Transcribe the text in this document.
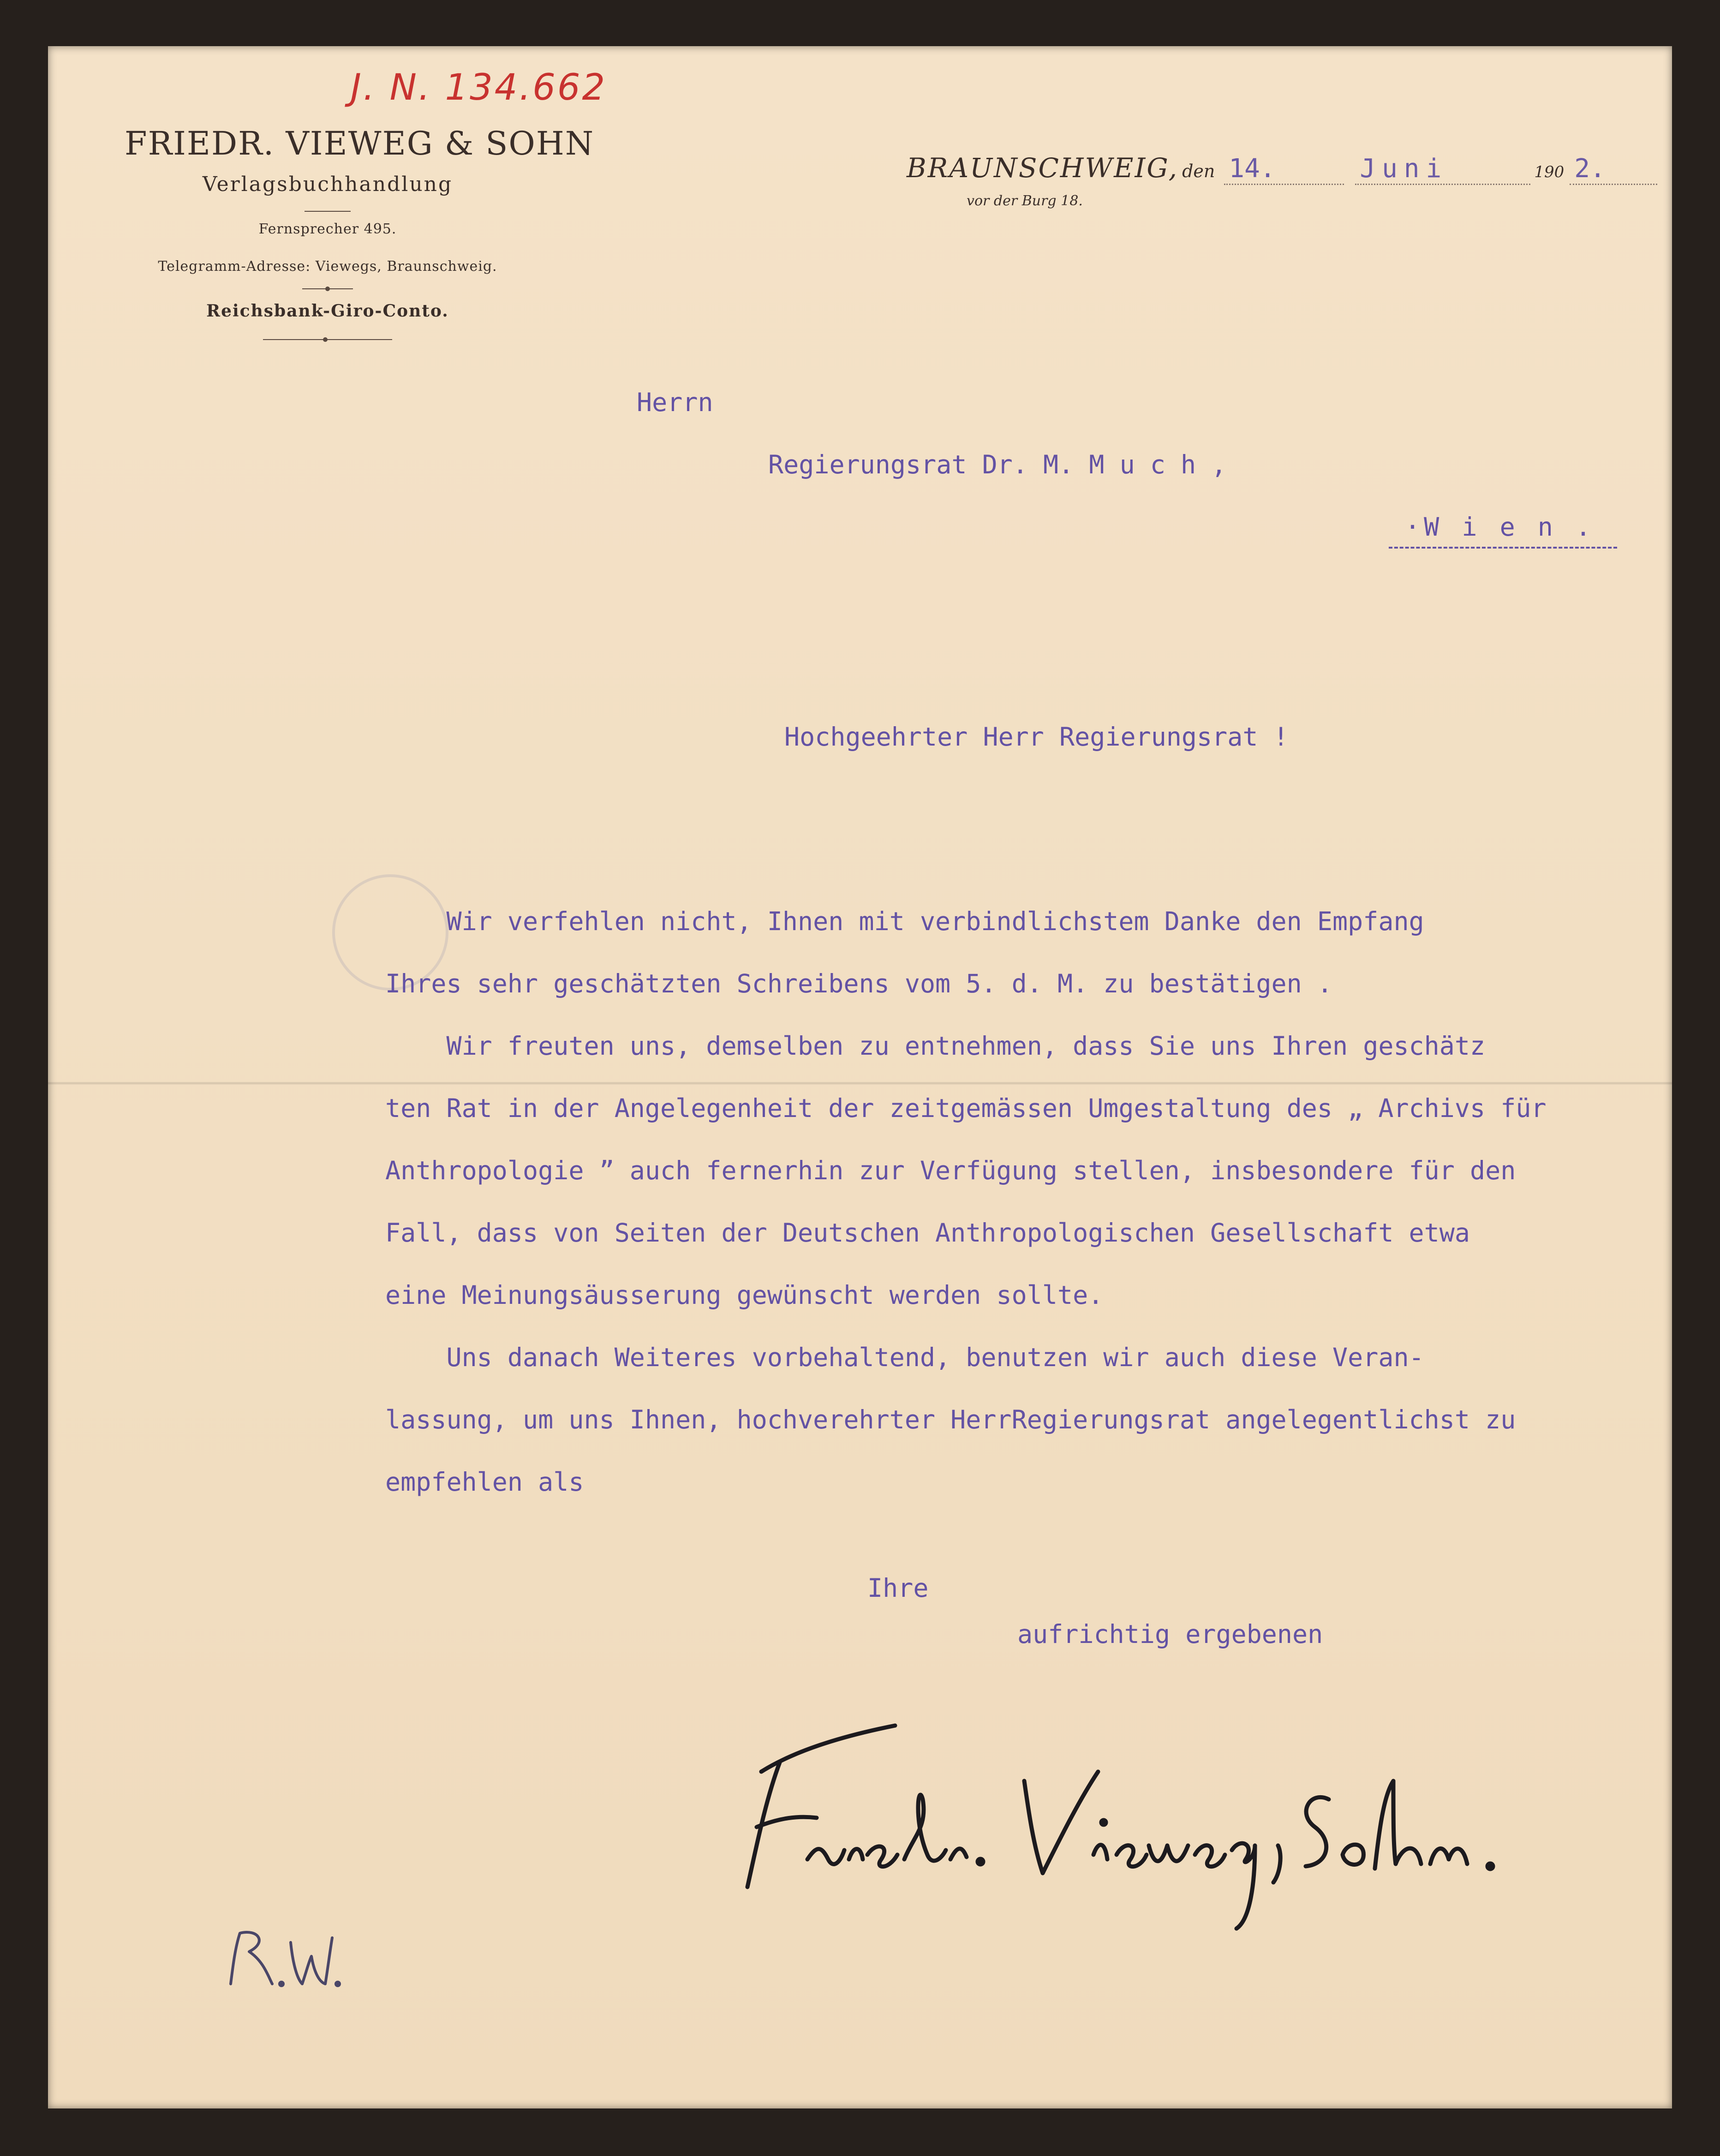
J. N. 134.662
FRIEDR. VIEWEG & SOHN
Verlagsbuchhandlung
Fernsprecher 495.
Telegramm-Adresse: Viewegs, Braunschweig.
Reichsbank-Giro-Conto.
BRAUNSCHWEIG, den 14.	Juni	190 2.
vor der Burg 18.
Herrn
Regierungsrat Dr. M. M u c h ,
·W i e n .
Hochgeehrter Herr Regierungsrat !
Wir verfehlen nicht, Ihnen mit verbindlichstem Danke den Empfang
Ihres sehr geschätzten Schreibens vom 5. d. M. zu bestätigen .
Wir freuten uns, demselben zu entnehmen, dass Sie uns Ihren geschätz
ten Rat in der Angelegenheit der zeitgemässen Umgestaltung des „ Archivs für
Anthropologie ” auch fernerhin zur Verfügung stellen, insbesondere für den
Fall, dass von Seiten der Deutschen Anthropologischen Gesellschaft etwa
eine Meinungsäusserung gewünscht werden sollte.
Uns danach Weiteres vorbehaltend, benutzen wir auch diese Veran-
lassung, um uns Ihnen, hochverehrter HerrRegierungsrat angelegentlichst zu
empfehlen als
Ihre
aufrichtig ergebenen
